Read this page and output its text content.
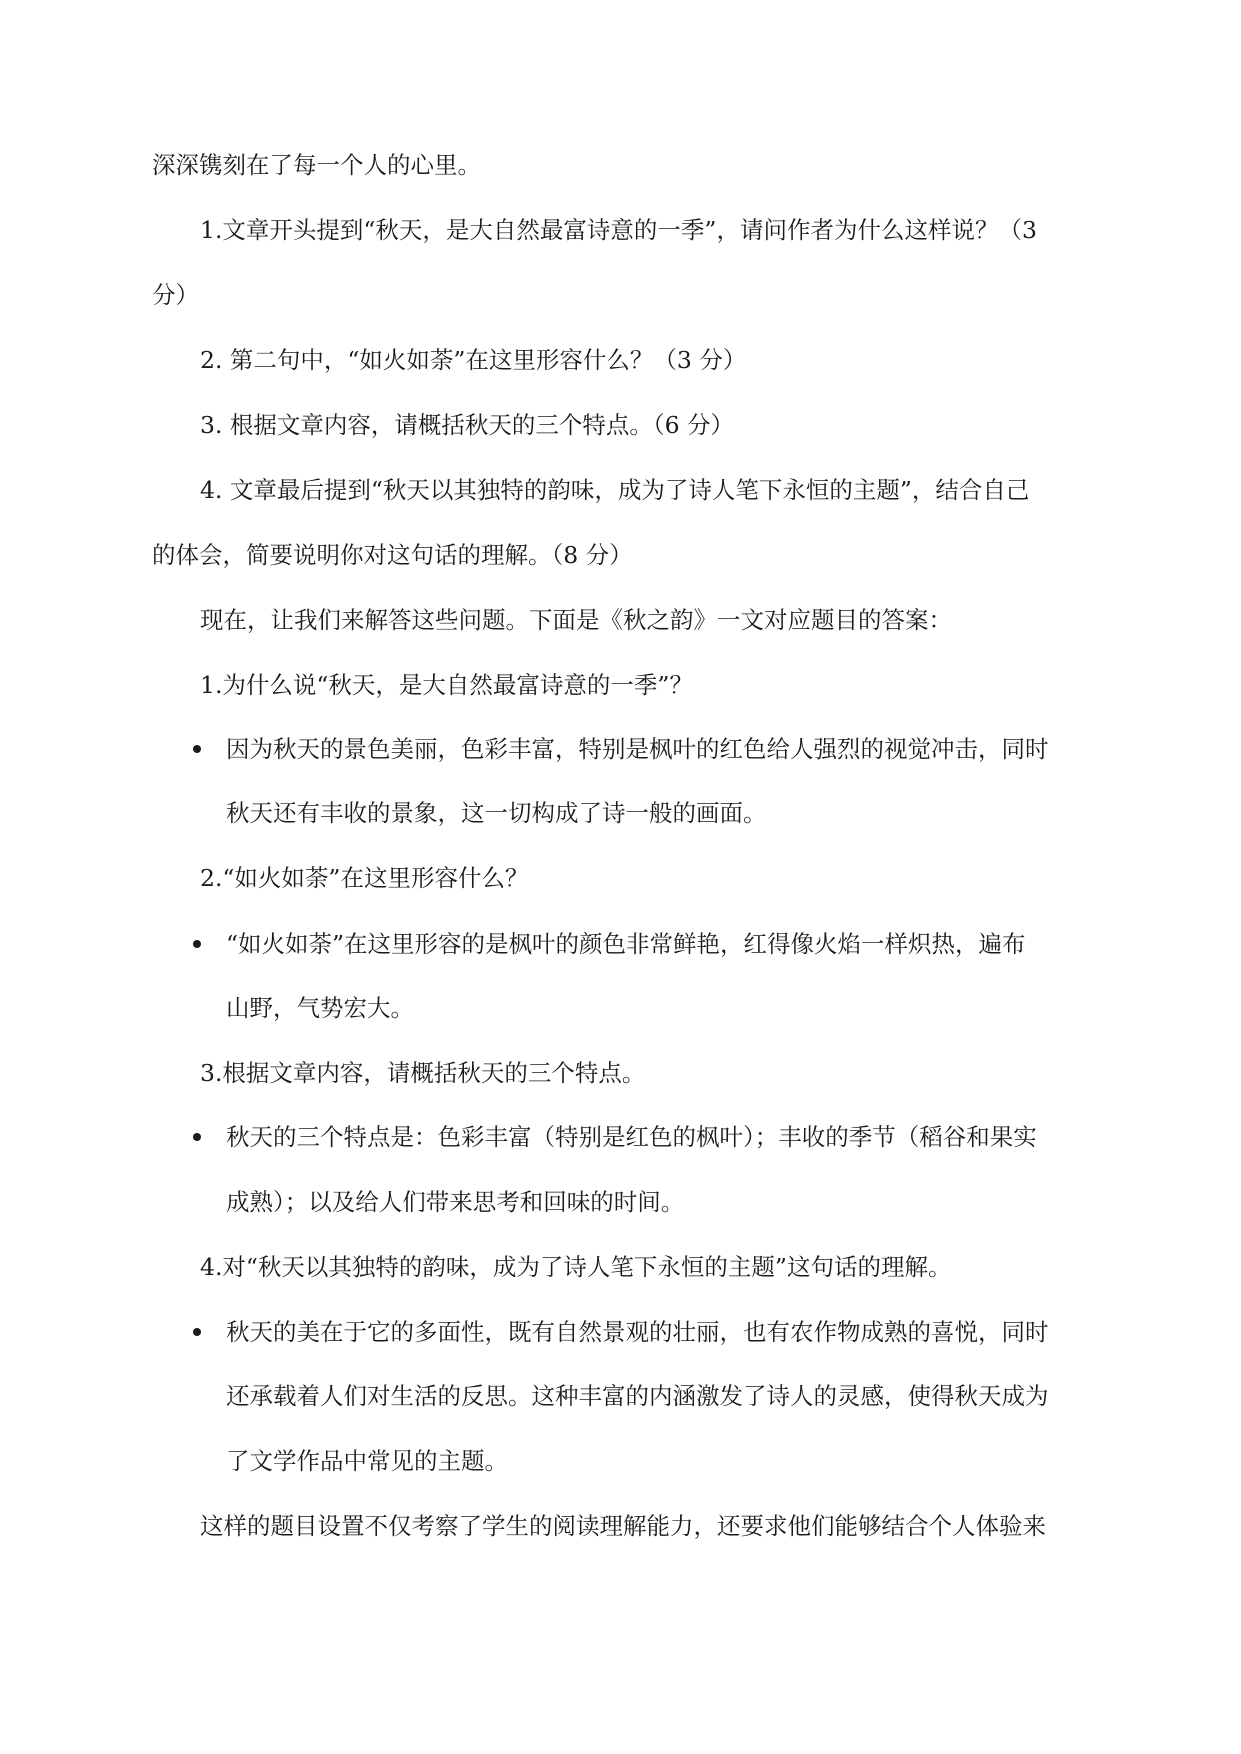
深深镌刻在了每一个人的心里。
1.文章开头提到“秋天，是大自然最富诗意的一季”，请问作者为什么这样说？（3
分）
2. 第二句中，“如火如荼”在这里形容什么？（3 分）
3. 根据文章内容，请概括秋天的三个特点。（6 分）
4. 文章最后提到“秋天以其独特的韵味，成为了诗人笔下永恒的主题”，结合自己
的体会，简要说明你对这句话的理解。（8 分）
现在，让我们来解答这些问题。下面是《秋之韵》一文对应题目的答案：
1.为什么说“秋天，是大自然最富诗意的一季”？
因为秋天的景色美丽，色彩丰富，特别是枫叶的红色给人强烈的视觉冲击，同时
秋天还有丰收的景象，这一切构成了诗一般的画面。
2.“如火如荼”在这里形容什么？
“如火如荼”在这里形容的是枫叶的颜色非常鲜艳，红得像火焰一样炽热，遍布
山野，气势宏大。
3.根据文章内容，请概括秋天的三个特点。
秋天的三个特点是：色彩丰富（特别是红色的枫叶）；丰收的季节（稻谷和果实
成熟）；以及给人们带来思考和回味的时间。
4.对“秋天以其独特的韵味，成为了诗人笔下永恒的主题”这句话的理解。
秋天的美在于它的多面性，既有自然景观的壮丽，也有农作物成熟的喜悦，同时
还承载着人们对生活的反思。这种丰富的内涵激发了诗人的灵感，使得秋天成为
了文学作品中常见的主题。
这样的题目设置不仅考察了学生的阅读理解能力，还要求他们能够结合个人体验来
